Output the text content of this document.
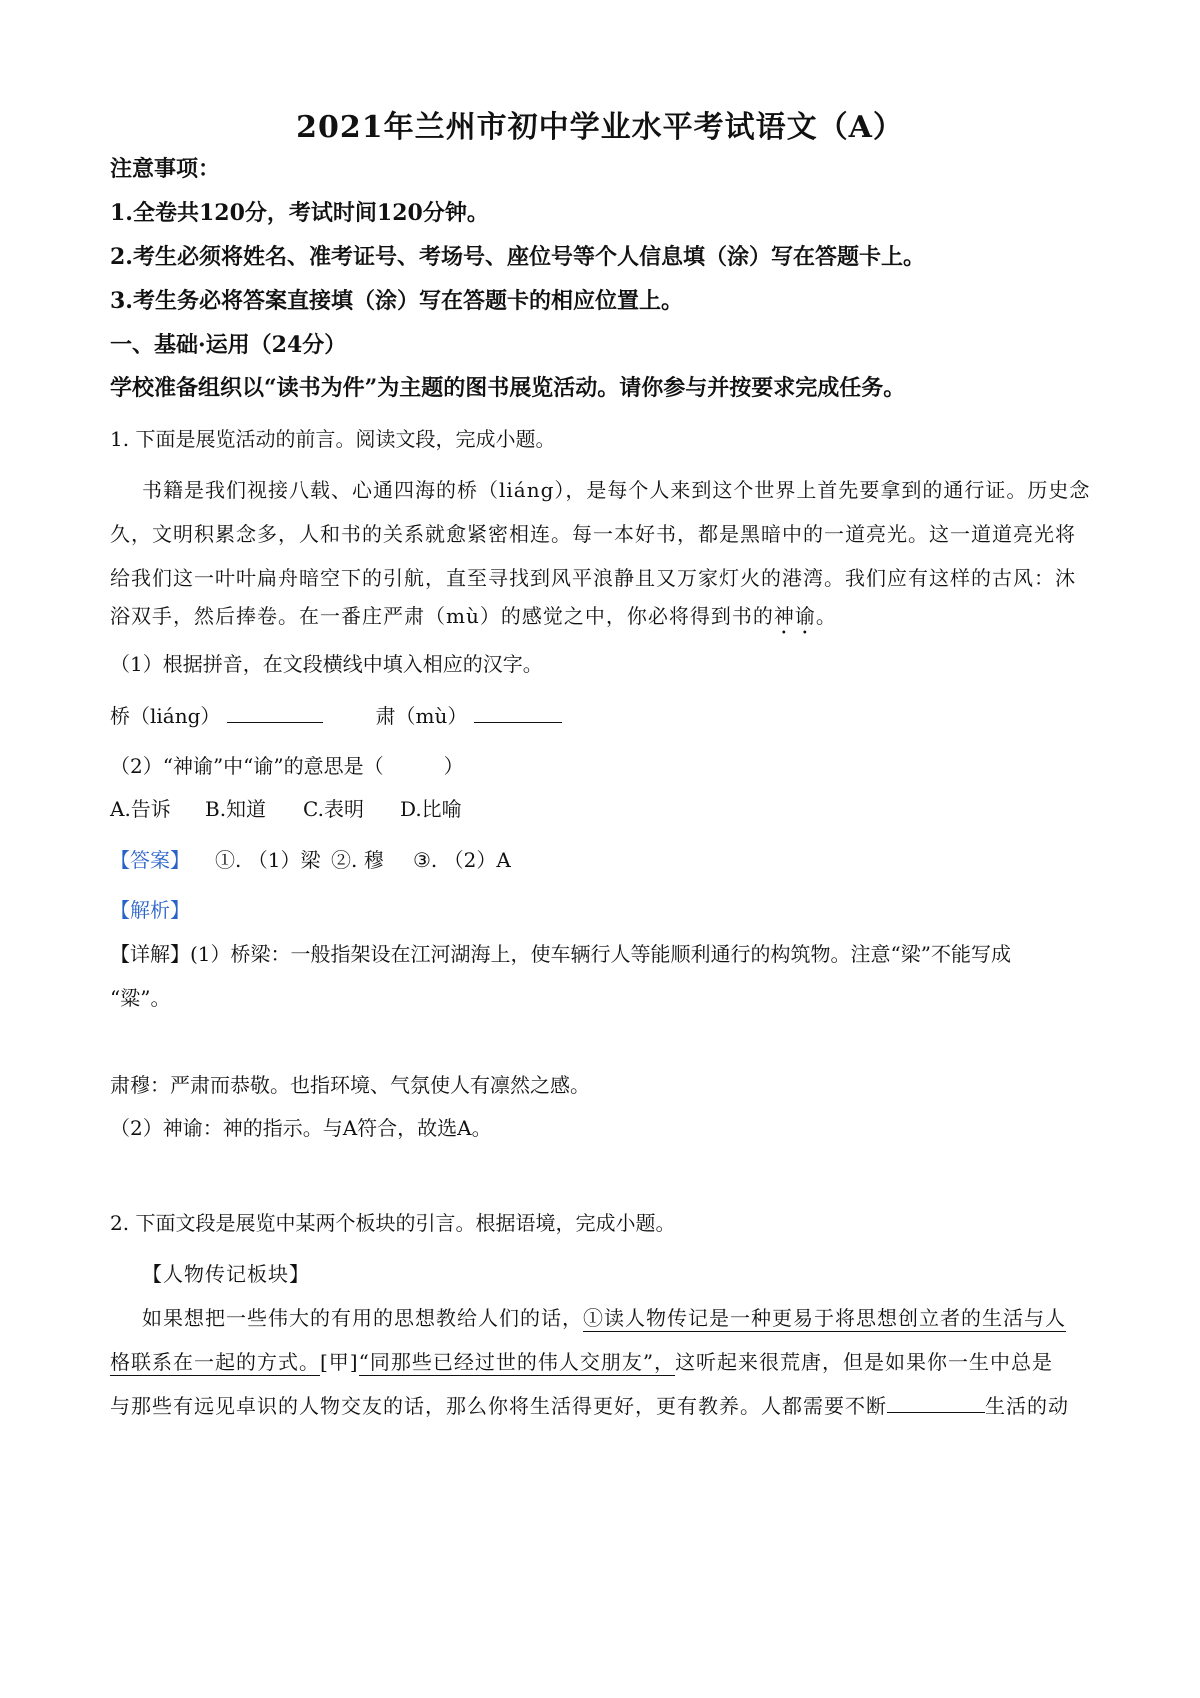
2021年兰州市初中学业水平考试语文（A）
注意事项：
1.全卷共120分，考试时间120分钟。
2.考生必须将姓名、准考证号、考场号、座位号等个人信息填（涂）写在答题卡上。
3.考生务必将答案直接填（涂）写在答题卡的相应位置上。
一、基础·运用（24分）
学校准备组织以“读书为件”为主题的图书展览活动。请你参与并按要求完成任务。
1. 下面是展览活动的前言。阅读文段，完成小题。
书籍是我们视接八载、心通四海的桥（liáng），是每个人来到这个世界上首先要拿到的通行证。历史念
久，文明积累念多，人和书的关系就愈紧密相连。每一本好书，都是黑暗中的一道亮光。这一道道亮光将
给我们这一叶叶扁舟暗空下的引航，直至寻找到风平浪静且又万家灯火的港湾。我们应有这样的古风：沐
浴双手，然后捧卷。在一番庄严肃（mù）的感觉之中，你必将得到书的神谕。
（1）根据拼音，在文段横线中填入相应的汉字。
桥（liáng）	肃（mù）
（2）“神谕”中“谕”的意思是（　　　）
A.告诉 B.知道 C.表明 D.比喻
【答案】 ①. （1）梁 ②. 穆 ③. （2）A
【解析】
【详解】(1）桥梁：一般指架设在江河湖海上，使车辆行人等能顺利通行的构筑物。注意“梁”不能写成
“粱”。
肃穆：严肃而恭敬。也指环境、气氛使人有凛然之感。
（2）神谕：神的指示。与A符合，故选A。
2. 下面文段是展览中某两个板块的引言。根据语境，完成小题。
【人物传记板块】
如果想把一些伟大的有用的思想教给人们的话，①读人物传记是一种更易于将思想创立者的生活与人
格联系在一起的方式。[甲]“同那些已经过世的伟人交朋友”，这听起来很荒唐，但是如果你一生中总是
与那些有远见卓识的人物交友的话，那么你将生活得更好，更有教养。人都需要不断	生活的动
